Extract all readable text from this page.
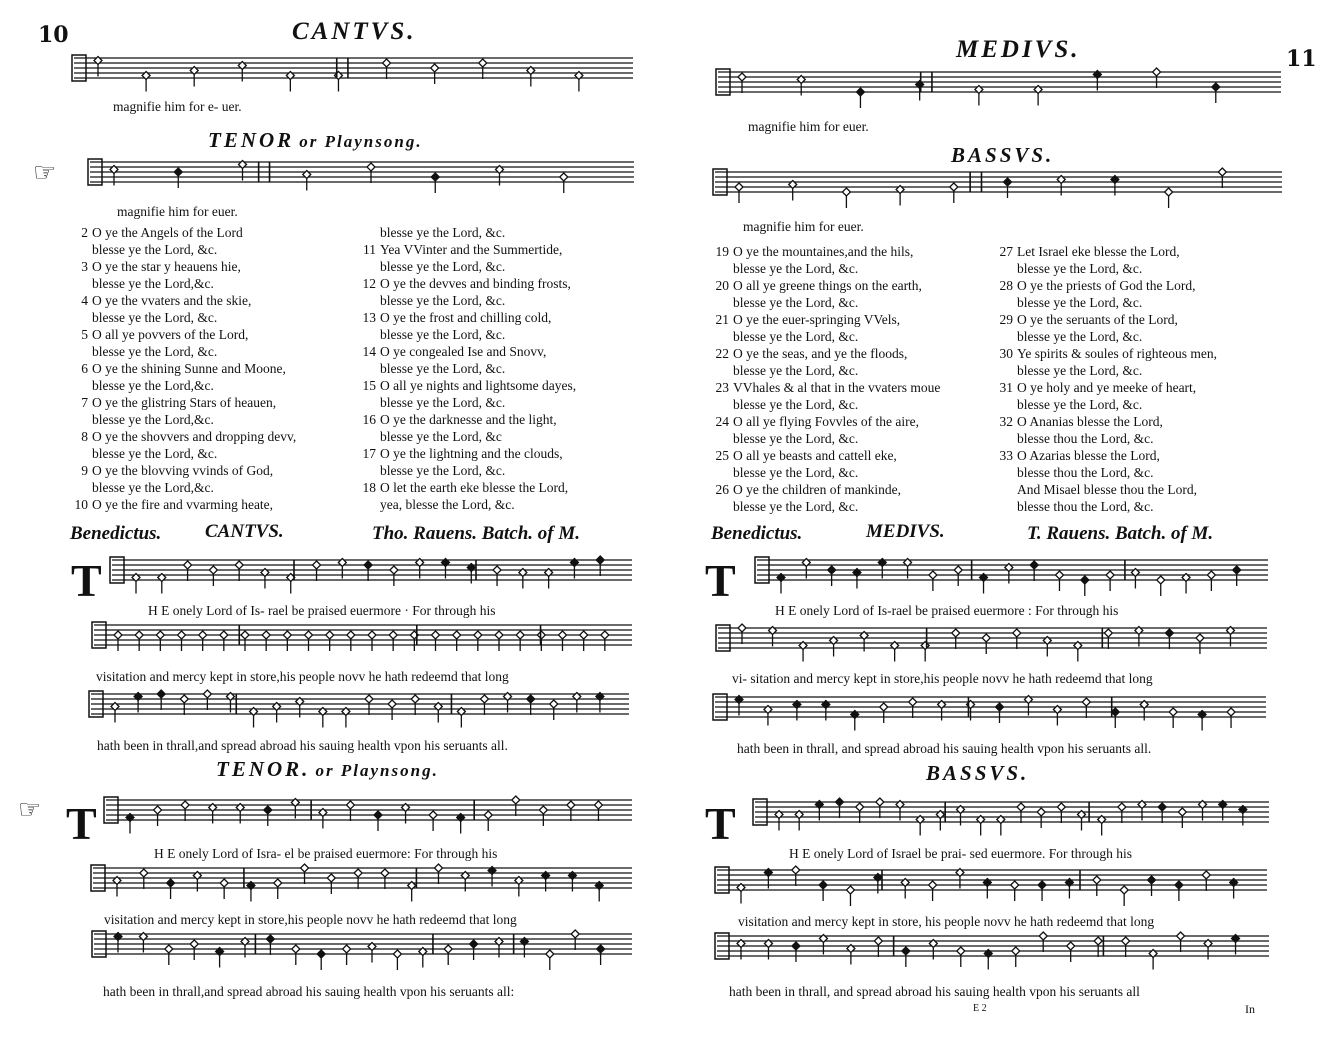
10	CANTVS.
magnifie him for e- uer.
TENOR or Playnsong.
☞
magnifie him for euer.
2 O ye the Angels of the Lord
blesse ye the Lord, &c.
3 O ye the star y heauens hie,
blesse ye the Lord,&c.
4 O ye the vvaters and the skie,
blesse ye the Lord, &c.
5 O all ye povvers of the Lord,
blesse ye the Lord, &c.
6 O ye the shining Sunne and Moone,
blesse ye the Lord,&c.
7 O ye the glistring Stars of heauen,
blesse ye the Lord,&c.
8 O ye the shovvers and dropping devv,
blesse ye the Lord, &c.
9 O ye the blovving vvinds of God,
blesse ye the Lord,&c.
10 O ye the fire and vvarming heate,
blesse ye the Lord, &c.
11 Yea VVinter and the Summertide,
blesse ye the Lord, &c.
12 O ye the devves and binding frosts,
blesse ye the Lord, &c.
13 O ye the frost and chilling cold,
blesse ye the Lord, &c.
14 O ye congealed Ise and Snovv,
blesse ye the Lord, &c.
15 O all ye nights and lightsome dayes,
blesse ye the Lord, &c.
16 O ye the darknesse and the light,
blesse ye the Lord, &c
17 O ye the lightning and the clouds,
blesse ye the Lord, &c.
18 O let the earth eke blesse the Lord,
yea, blesse the Lord, &c.
Benedictus. CANTVS.	Tho. Rauens. Batch. of M.
T
H E onely Lord of Is- rael be praised euermore · For through his
visitation and mercy kept in store,his people novv he hath redeemd that long
hath been in thrall,and spread abroad his sauing health vpon his seruants all.
TENOR. or Playnsong.
☞ T
H E onely Lord of Isra- el be praised euermore: For through his
visitation and mercy kept in store,his people novv he hath redeemd that long
hath been in thrall,and spread abroad his sauing health vpon his seruants all:
MEDIVS.	11
magnifie him for euer.
BASSVS.
magnifie him for euer.
19 O ye the mountaines,and the hils,
blesse ye the Lord, &c.
20 O all ye greene things on the earth,
blesse ye the Lord, &c.
21 O ye the euer-springing VVels,
blesse ye the Lord, &c.
22 O ye the seas, and ye the floods,
blesse ye the Lord, &c.
23 VVhales & al that in the vvaters moue
blesse ye the Lord, &c.
24 O all ye flying Fovvles of the aire,
blesse ye the Lord, &c.
25 O all ye beasts and cattell eke,
blesse ye the Lord, &c.
26 O ye the children of mankinde,
blesse ye the Lord, &c.
27 Let Israel eke blesse the Lord,
blesse ye the Lord, &c.
28 O ye the priests of God the Lord,
blesse ye the Lord, &c.
29 O ye the seruants of the Lord,
blesse ye the Lord, &c.
30 Ye spirits & soules of righteous men,
blesse ye the Lord, &c.
31 O ye holy and ye meeke of heart,
blesse ye the Lord, &c.
32 O Ananias blesse the Lord,
blesse thou the Lord, &c.
33 O Azarias blesse the Lord,
blesse thou the Lord, &c.
And Misael blesse thou the Lord,
blesse thou the Lord, &c.
Benedictus.	MEDIVS.	T. Rauens. Batch. of M.
T
H E onely Lord of Is-rael be praised euermore : For through his
vi- sitation and mercy kept in store,his people novv he hath redeemd that long
hath been in thrall, and spread abroad his sauing health vpon his seruants all.
BASSVS.
T
H E onely Lord of Israel be prai- sed euermore. For through his
visitation and mercy kept in store, his people novv he hath redeemd that long
hath been in thrall, and spread abroad his sauing health vpon his seruants all
E 2	In
